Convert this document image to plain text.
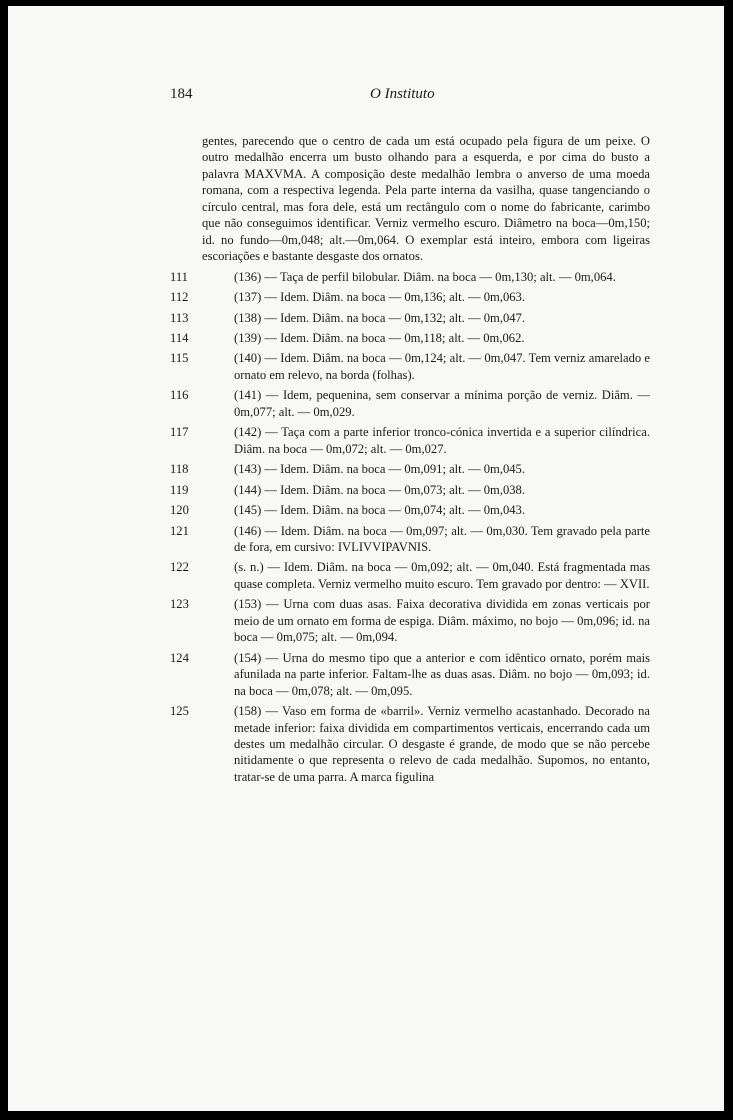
184	O Instituto

gentes, parecendo que o centro de cada um está ocupado pela figura de um peixe. O outro medalhão encerra um busto olhando para a esquerda, e por cima do busto a palavra MAXVMA. A composição deste medalhão lembra o anverso de uma moeda romana, com a respectiva legenda. Pela parte interna da vasilha, quase tangenciando o círculo central, mas fora dele, está um rectângulo com o nome do fabricante, carimbo que não conseguimos identificar. Verniz vermelho escuro. Diâmetro na boca—0m,150; id. no fundo—0m,048; alt.—0m,064. O exemplar está inteiro, embora com ligeiras escoriações e bastante desgaste dos ornatos.

111	(136) — Taça de perfil bilobular. Diâm. na boca — 0m,130; alt. — 0m,064.

112	(137) — Idem. Diâm. na boca — 0m,136; alt. — 0m,063.

113	(138) — Idem. Diâm. na boca — 0m,132; alt. — 0m,047.

114	(139) — Idem. Diâm. na boca — 0m,118; alt. — 0m,062.

115	(140) — Idem. Diâm. na boca — 0m,124; alt. — 0m,047. Tem verniz amarelado e ornato em relevo, na borda (folhas).

116	(141) — Idem, pequenina, sem conservar a mínima porção de verniz. Diâm. — 0m,077; alt. — 0m,029.

117	(142) — Taça com a parte inferior tronco-cónica invertida e a superior cilíndrica. Diâm. na boca — 0m,072; alt. — 0m,027.

118	(143) — Idem. Diâm. na boca — 0m,091; alt. — 0m,045.

119	(144) — Idem. Diâm. na boca — 0m,073; alt. — 0m,038.

120	(145) — Idem. Diâm. na boca — 0m,074; alt. — 0m,043.

121	(146) — Idem. Diâm. na boca — 0m,097; alt. — 0m,030. Tem gravado pela parte de fora, em cursivo: IVLIVVIPAVNIS.

122	(s. n.) — Idem. Diâm. na boca — 0m,092; alt. — 0m,040. Está fragmentada mas quase completa. Verniz vermelho muito escuro. Tem gravado por dentro: — XVII.

123	(153) — Urna com duas asas. Faixa decorativa dividida em zonas verticais por meio de um ornato em forma de espiga. Diâm. máximo, no bojo — 0m,096; id. na boca — 0m,075; alt. — 0m,094.

124	(154) — Urna do mesmo tipo que a anterior e com idêntico ornato, porém mais afunilada na parte inferior. Faltam-lhe as duas asas. Diâm. no bojo — 0m,093; id. na boca — 0m,078; alt. — 0m,095.

125	(158) — Vaso em forma de «barril». Verniz vermelho acastanhado. Decorado na metade inferior: faixa dividida em compartimentos verticais, encerrando cada um destes um medalhão circular. O desgaste é grande, de modo que se não percebe nitidamente o que representa o relevo de cada medalhão. Supomos, no entanto, tratar-se de uma parra. A marca figulina
